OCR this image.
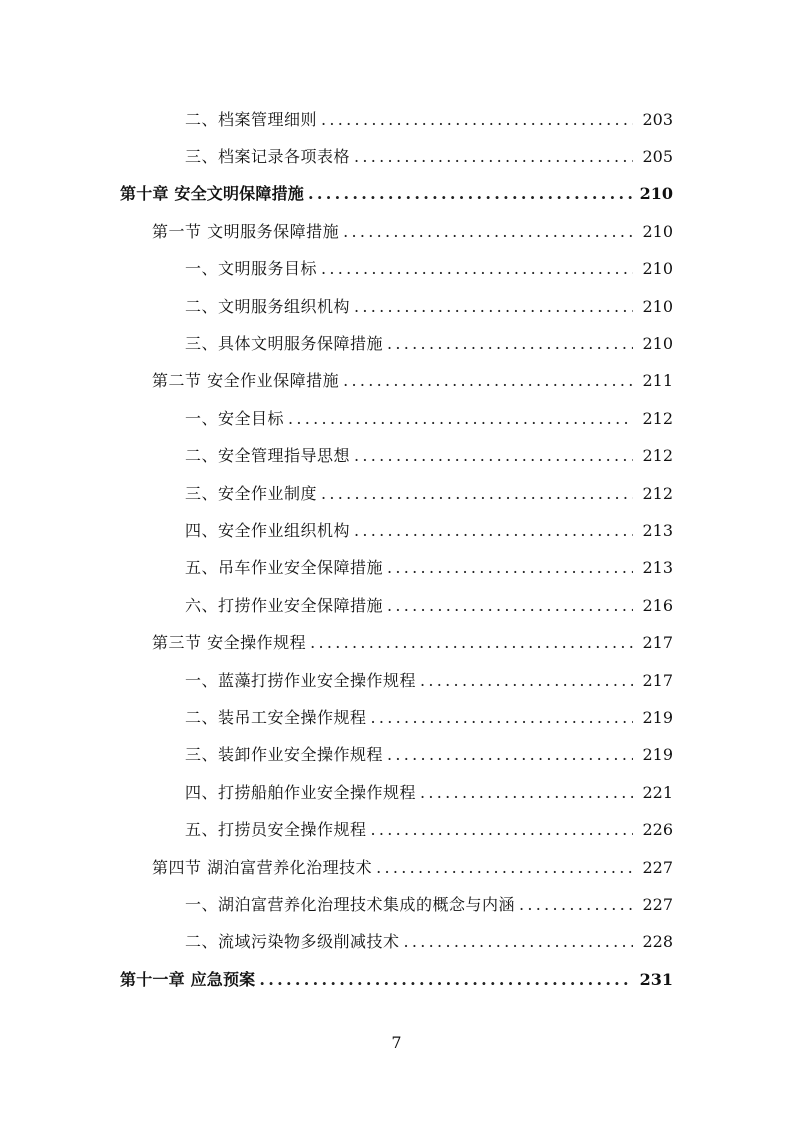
二、档案管理细则 .....	203
三、档案记录各项表格 .....	205
第十章 安全文明保障措施 .....	210
第一节 文明服务保障措施 .....	210
一、文明服务目标 .....	210
二、文明服务组织机构 .....	210
三、具体文明服务保障措施 .....	210
第二节 安全作业保障措施 .....	211
一、安全目标 .....	212
二、安全管理指导思想 .....	212
三、安全作业制度 .....	212
四、安全作业组织机构 .....	213
五、吊车作业安全保障措施 .....	213
六、打捞作业安全保障措施 .....	216
第三节 安全操作规程 .....	217
一、蓝藻打捞作业安全操作规程 .....	217
二、装吊工安全操作规程 .....	219
三、装卸作业安全操作规程 .....	219
四、打捞船舶作业安全操作规程 .....	221
五、打捞员安全操作规程 .....	226
第四节 湖泊富营养化治理技术 .....	227
一、湖泊富营养化治理技术集成的概念与内涵 .....	227
二、流域污染物多级削减技术 .....	228
第十一章 应急预案 .....	231
7
